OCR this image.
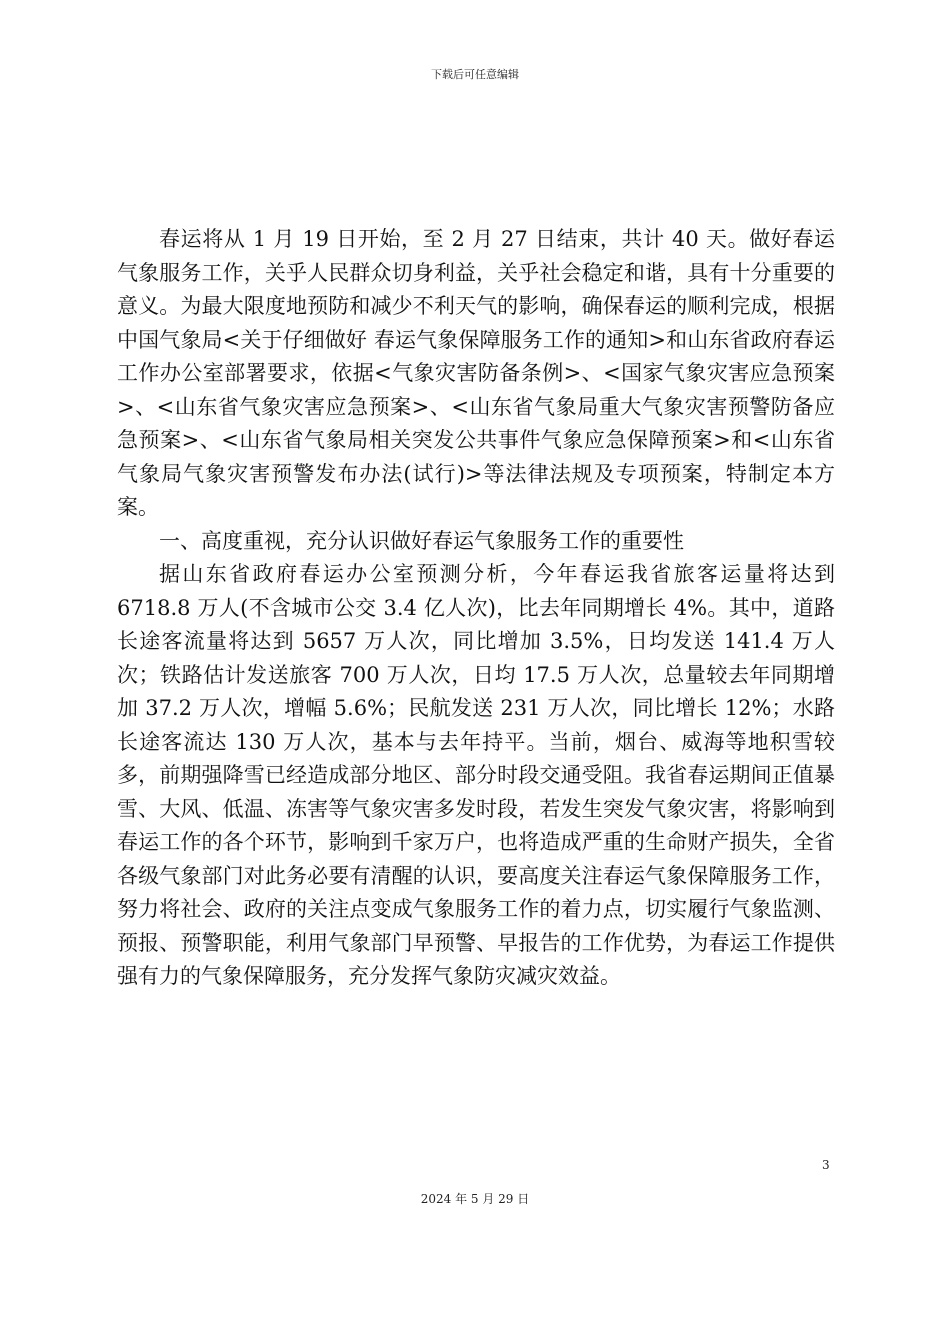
下载后可任意编辑

春运将从 1 月 19 日开始，至 2 月 27 日结束，共计 40 天。做好春运气象服务工作，关乎人民群众切身利益，关乎社会稳定和谐，具有十分重要的意义。为最大限度地预防和减少不利天气的影响，确保春运的顺利完成，根据中国气象局<关于仔细做好 春运气象保障服务工作的通知>和山东省政府春运工作办公室部署要求，依据<气象灾害防备条例>、<国家气象灾害应急预案>、<山东省气象灾害应急预案>、<山东省气象局重大气象灾害预警防备应急预案>、<山东省气象局相关突发公共事件气象应急保障预案>和<山东省气象局气象灾害预警发布办法(试行)>等法律法规及专项预案，特制定本方案。

一、高度重视，充分认识做好春运气象服务工作的重要性

据山东省政府春运办公室预测分析，今年春运我省旅客运量将达到 6718.8 万人(不含城市公交 3.4 亿人次)，比去年同期增长 4%。其中，道路长途客流量将达到 5657 万人次，同比增加 3.5%，日均发送 141.4 万人次；铁路估计发送旅客 700 万人次，日均 17.5 万人次，总量较去年同期增加 37.2 万人次，增幅 5.6%；民航发送 231 万人次，同比增长 12%；水路长途客流达 130 万人次，基本与去年持平。当前，烟台、威海等地积雪较多，前期强降雪已经造成部分地区、部分时段交通受阻。我省春运期间正值暴雪、大风、低温、冻害等气象灾害多发时段，若发生突发气象灾害，将影响到春运工作的各个环节，影响到千家万户，也将造成严重的生命财产损失，全省各级气象部门对此务必要有清醒的认识，要高度关注春运气象保障服务工作，努力将社会、政府的关注点变成气象服务工作的着力点，切实履行气象监测、预报、预警职能，利用气象部门早预警、早报告的工作优势，为春运工作提供强有力的气象保障服务，充分发挥气象防灾减灾效益。

3
2024 年 5 月 29 日
